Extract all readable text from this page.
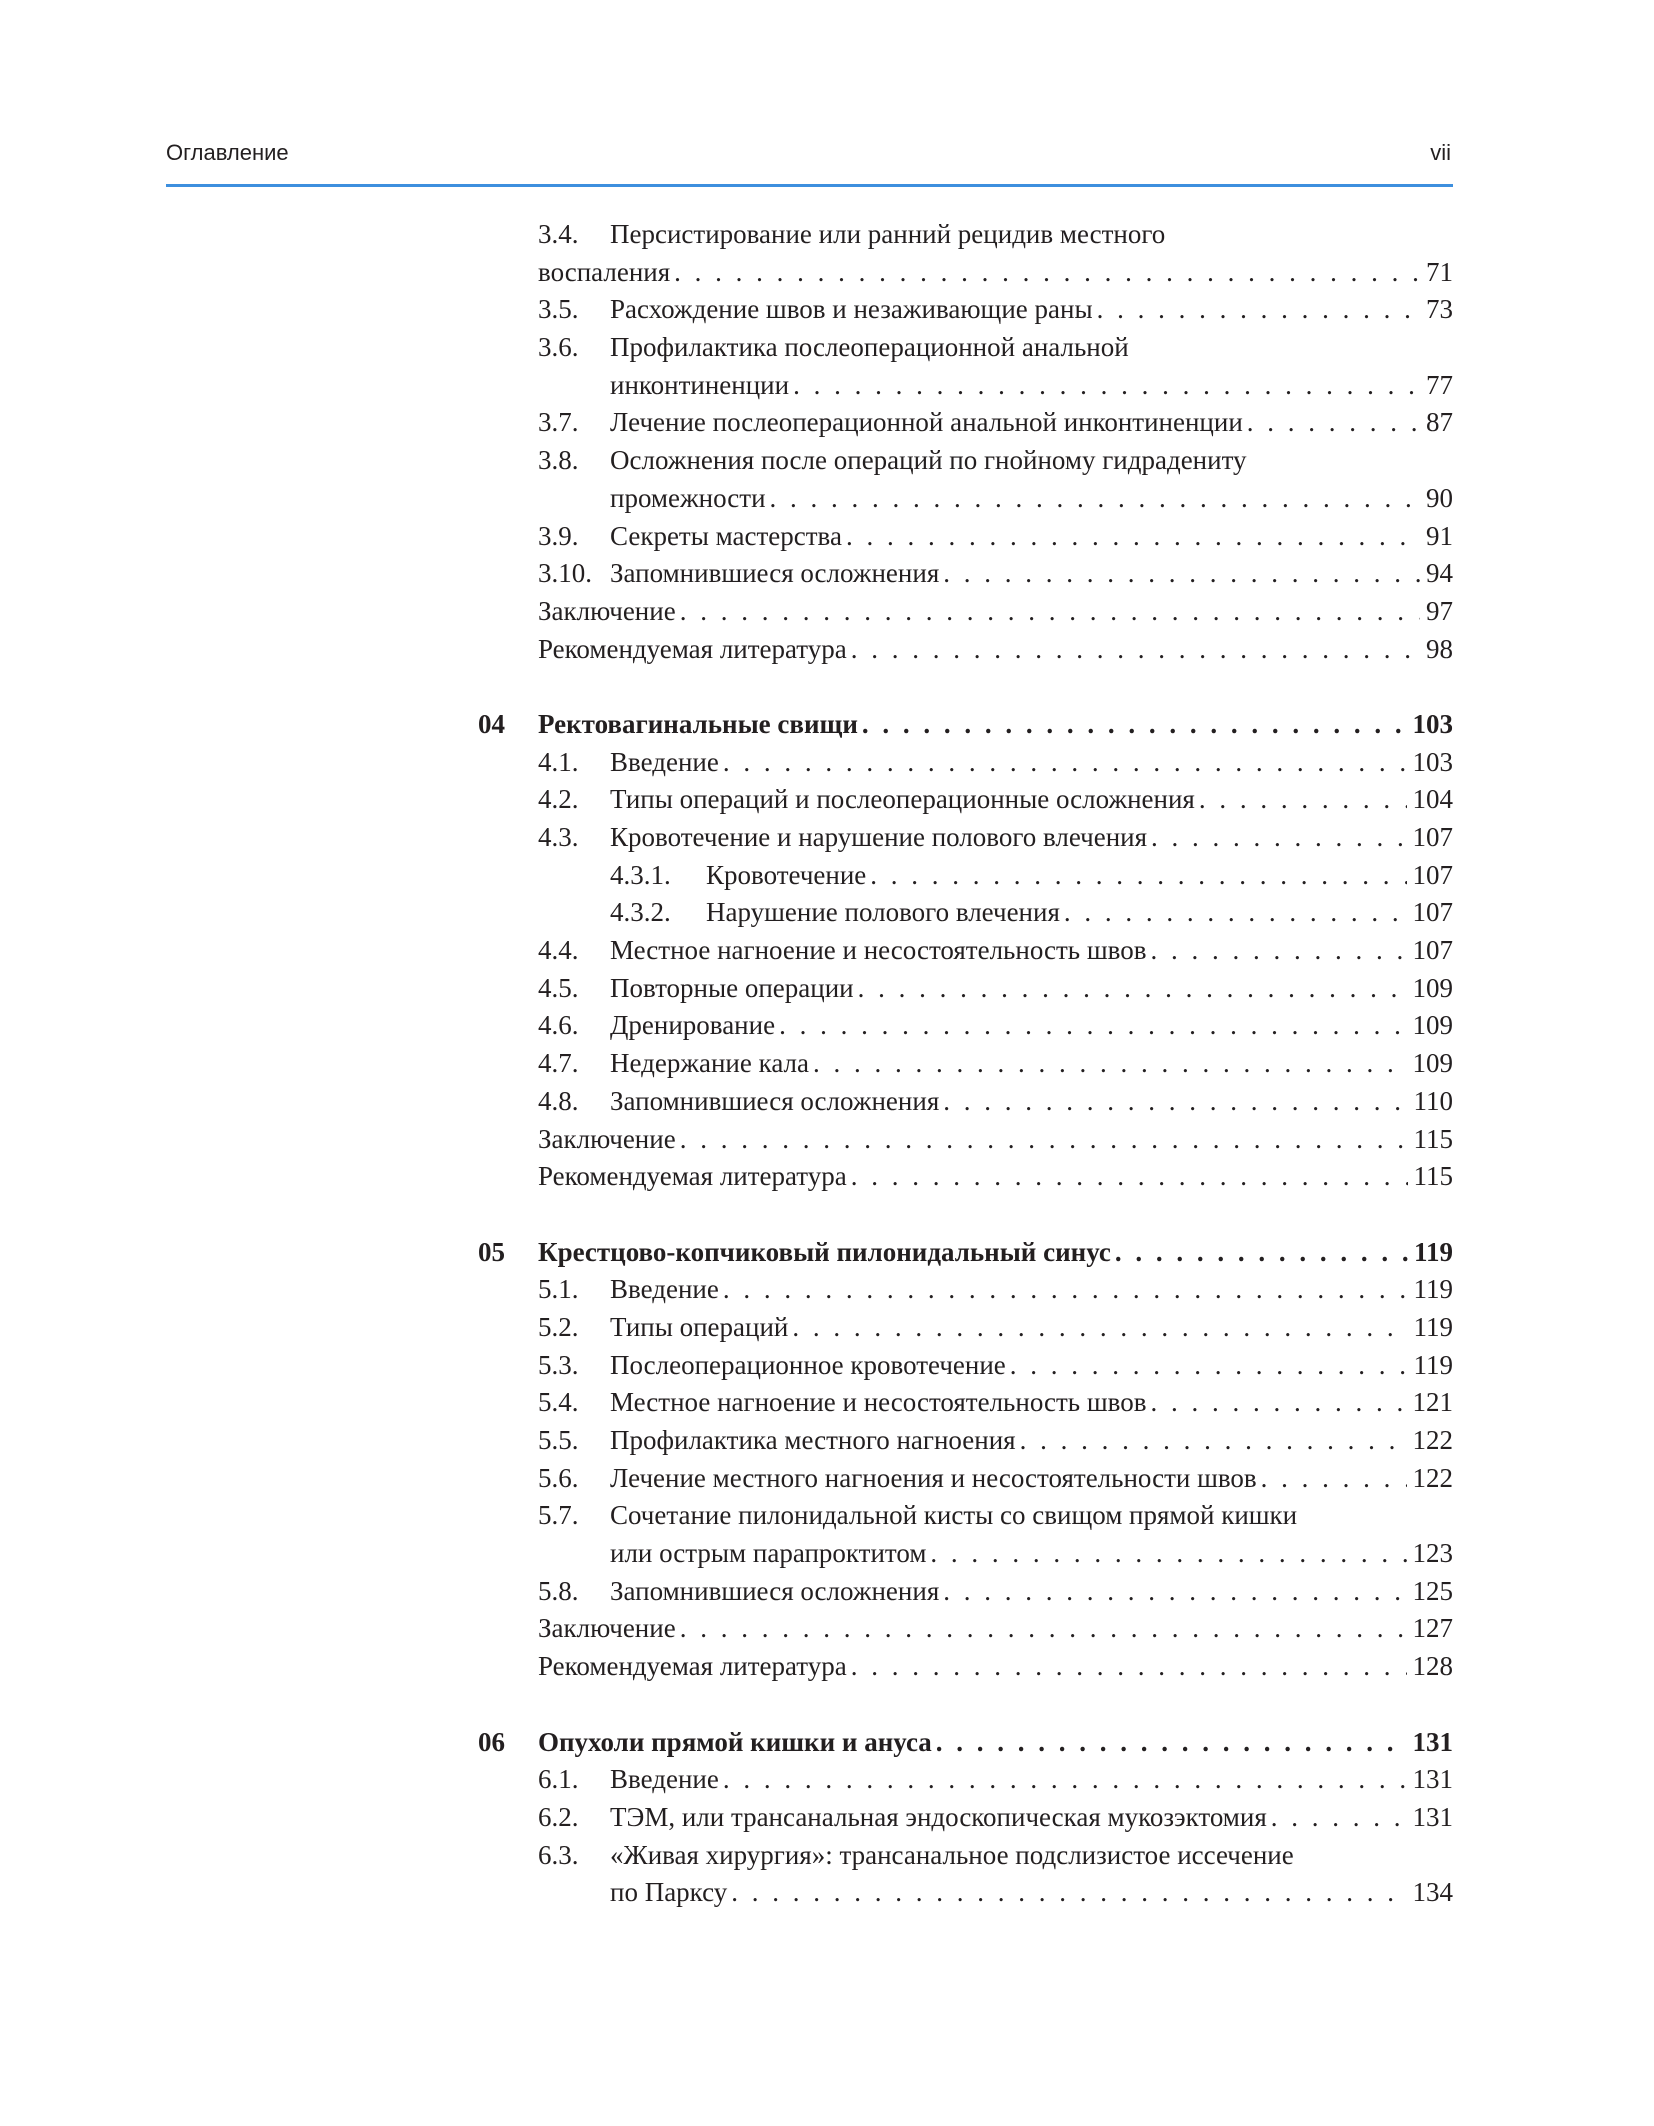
Оглавление	vii
3.4. Персистирование или ранний рецидив местного
воспаления . . .	71
3.5. Расхождение швов и незаживающие раны . . .	73
3.6. Профилактика послеоперационной анальной
инконтиненции . . .	77
3.7. Лечение послеоперационной анальной инконтиненции . . .	87
3.8. Осложнения после операций по гнойному гидрадениту
промежности . . .	90
3.9. Секреты мастерства . . .	91
3.10. Запомнившиеся осложнения . . .	94
Заключение . . .	97
Рекомендуемая литература . . .	98
04 Ректовагинальные свищи . . .	103
4.1. Введение . . .	103
4.2. Типы операций и послеоперационные осложнения . . .	104
4.3. Кровотечение и нарушение полового влечения . . .	107
4.3.1. Кровотечение . . .	107
4.3.2. Нарушение полового влечения . . .	107
4.4. Местное нагноение и несостоятельность швов . . .	107
4.5. Повторные операции . . .	109
4.6. Дренирование . . .	109
4.7. Недержание кала . . .	109
4.8. Запомнившиеся осложнения . . .	110
Заключение . . .	115
Рекомендуемая литература . . .	115
05 Крестцово-копчиковый пилонидальный синус . . .	119
5.1. Введение . . .	119
5.2. Типы операций . . .	119
5.3. Послеоперационное кровотечение . . .	119
5.4. Местное нагноение и несостоятельность швов . . .	121
5.5. Профилактика местного нагноения . . .	122
5.6. Лечение местного нагноения и несостоятельности швов . . .	122
5.7. Сочетание пилонидальной кисты со свищом прямой кишки
или острым парапроктитом . . .	123
5.8. Запомнившиеся осложнения . . .	125
Заключение . . .	127
Рекомендуемая литература . . .	128
06 Опухоли прямой кишки и ануса . . .	131
6.1. Введение . . .	131
6.2. ТЭМ, или трансанальная эндоскопическая мукозэктомия . . .	131
6.3. «Живая хирургия»: трансанальное подслизистое иссечение
по Парксу . . .	134
